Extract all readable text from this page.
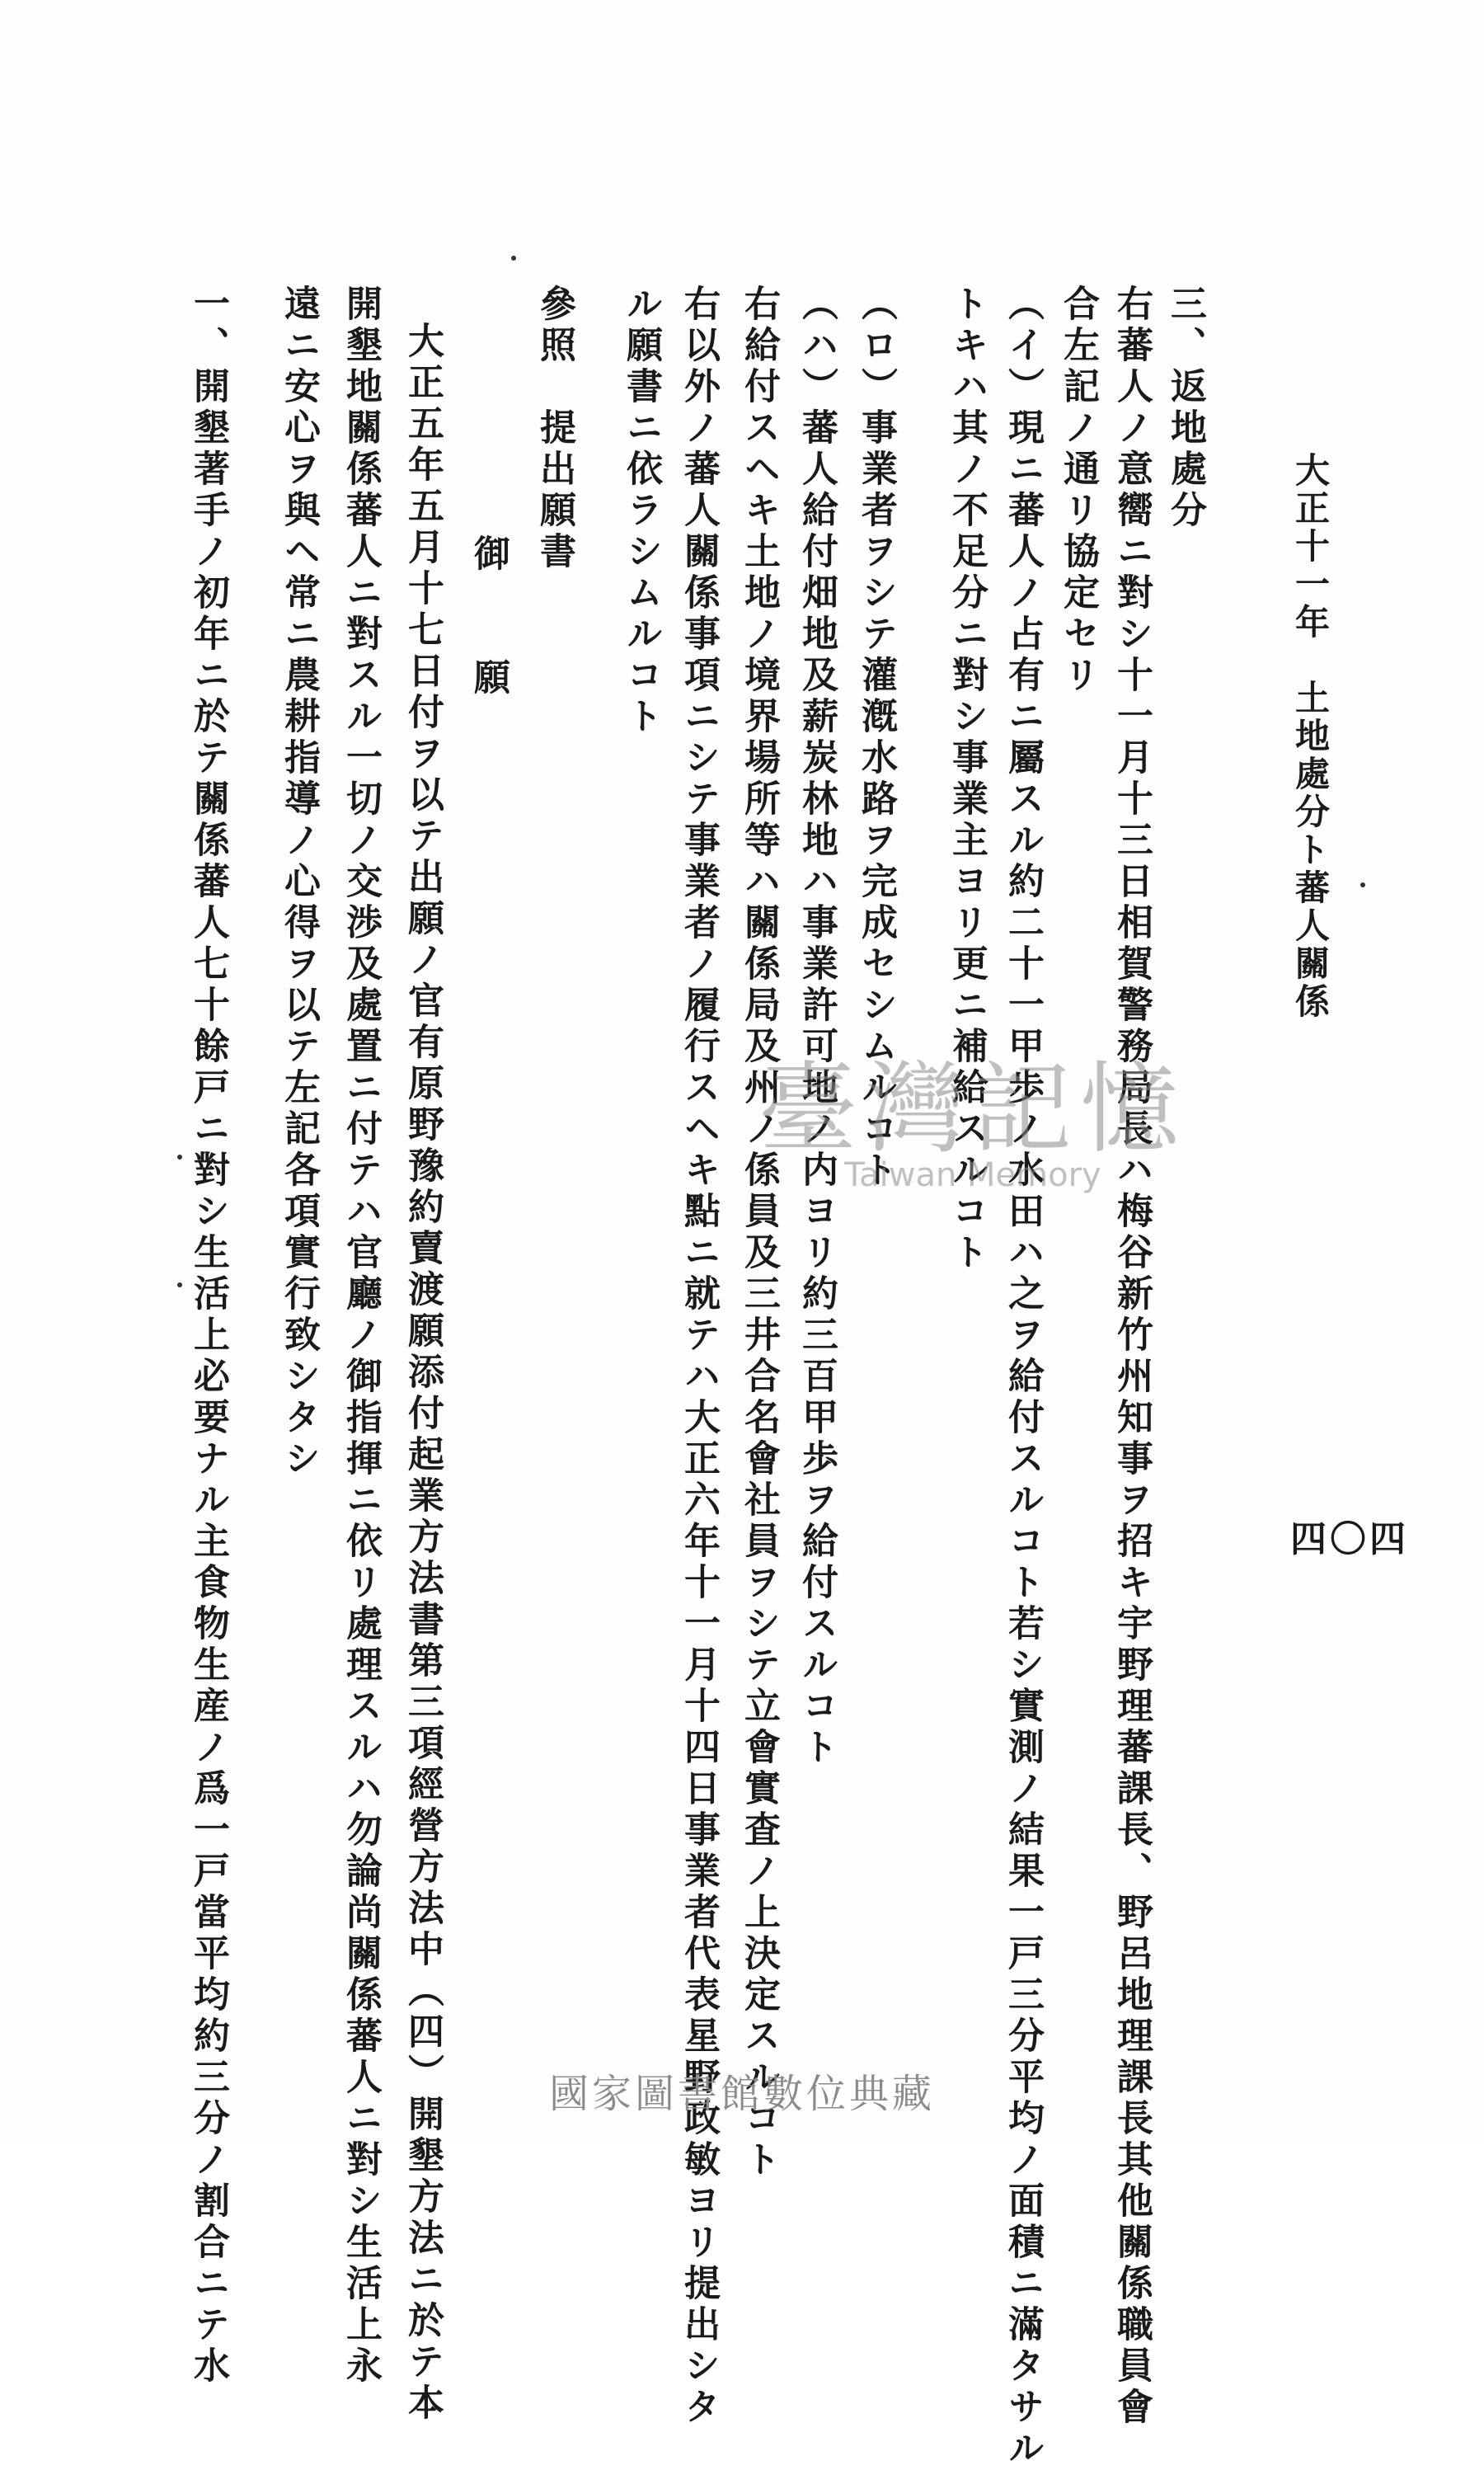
大正十一年　土地處分ト蕃人關係
四〇四
三、返地處分
右蕃人ノ意嚮ニ對シ十一月十三日相賀警務局長ハ梅谷新竹州知事ヲ招キ宇野理蕃課長、野呂地理課長其他關係職員會
合左記ノ通リ協定セリ
（イ）現ニ蕃人ノ占有ニ屬スル約二十一甲歩ノ水田ハ之ヲ給付スルコト若シ實測ノ結果一戸三分平均ノ面積ニ滿タサル
トキハ其ノ不足分ニ對シ事業主ヨリ更ニ補給スルコト
（ロ）事業者ヲシテ灌漑水路ヲ完成セシムルコト
（ハ）蕃人給付畑地及薪炭林地ハ事業許可地ノ内ヨリ約三百甲歩ヲ給付スルコト
右給付スヘキ土地ノ境界場所等ハ關係局及州ノ係員及三井合名會社員ヲシテ立會實査ノ上決定スルコト
右以外ノ蕃人關係事項ニシテ事業者ノ履行スヘキ點ニ就テハ大正六年十一月十四日事業者代表星野政敏ヨリ提出シタ
ル願書ニ依ラシムルコト
參照　提出願書
御　　願
大正五年五月十七日付ヲ以テ出願ノ官有原野豫約賣渡願添付起業方法書第三項經營方法中（四）開墾方法ニ於テ本
開墾地關係蕃人ニ對スル一切ノ交渉及處置ニ付テハ官廳ノ御指揮ニ依リ處理スルハ勿論尚關係蕃人ニ對シ生活上永
遠ニ安心ヲ與ヘ常ニ農耕指導ノ心得ヲ以テ左記各項實行致シタシ
一、開墾著手ノ初年ニ於テ關係蕃人七十餘戸ニ對シ生活上必要ナル主食物生産ノ爲一戸當平均約三分ノ割合ニテ水	臺灣記憶
Taiwan Memory
國家圖書館數位典藏
